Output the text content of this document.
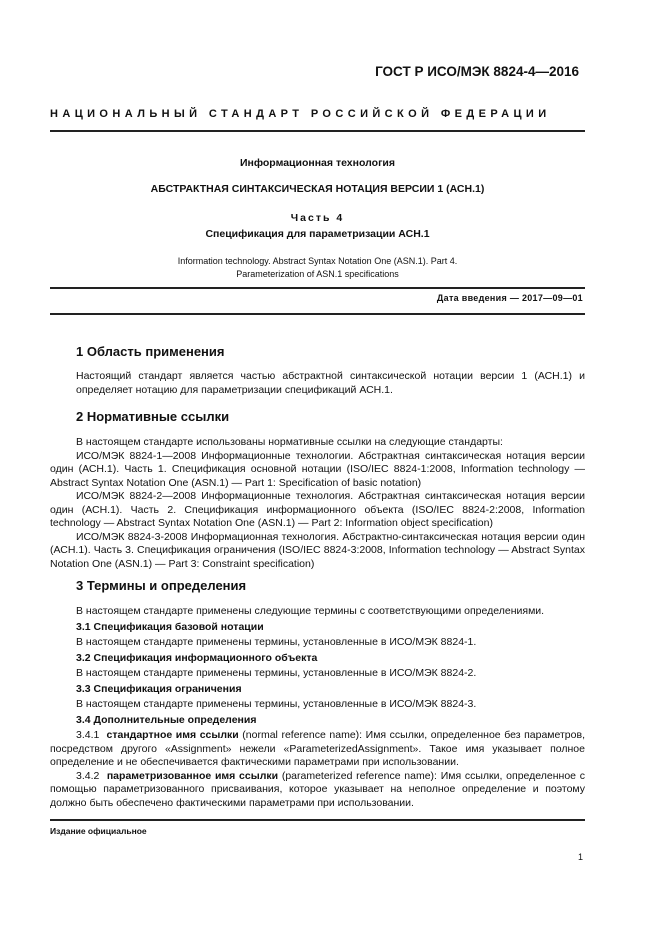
ГОСТ Р ИСО/МЭК 8824-4—2016
НАЦИОНАЛЬНЫЙ СТАНДАРТ РОССИЙСКОЙ ФЕДЕРАЦИИ
Информационная технология
АБСТРАКТНАЯ СИНТАКСИЧЕСКАЯ НОТАЦИЯ ВЕРСИИ 1 (АСН.1)
Часть 4
Спецификация для параметризации АСН.1
Information technology. Abstract Syntax Notation One (ASN.1). Part 4.
Parameterization of ASN.1 specifications
Дата введения — 2017—09—01
1 Область применения

Настоящий стандарт является частью абстрактной синтаксической нотации версии 1 (АСН.1) и определяет нотацию для параметризации спецификаций АСН.1.

2 Нормативные ссылки

В настоящем стандарте использованы нормативные ссылки на следующие стандарты:

ИСО/МЭК 8824-1—2008 Информационные технологии. Абстрактная синтаксическая нотация версии один (АСН.1). Часть 1. Спецификация основной нотации (ISO/IEC 8824-1:2008, Information technology — Abstract Syntax Notation One (ASN.1) — Part 1: Specification of basic notation)

ИСО/МЭК 8824-2—2008 Информационные технология. Абстрактная синтаксическая нотация версии один (АСН.1). Часть 2. Спецификация информационного объекта (ISO/IEC 8824-2:2008, Information technology — Abstract Syntax Notation One (ASN.1) — Part 2: Information object specification)

ИСО/МЭК 8824-3-2008 Информационная технология. Абстрактно-синтаксическая нотация версии один (АСН.1). Часть 3. Спецификация ограничения (ISO/IEC 8824-3:2008, Information technology — Abstract Syntax Notation One (ASN.1) — Part 3: Constraint specification)

3 Термины и определения

В настоящем стандарте применены следующие термины с соответствующими определениями.

3.1 Спецификация базовой нотации

В настоящем стандарте применены термины, установленные в ИСО/МЭК 8824-1.

3.2 Спецификация информационного объекта

В настоящем стандарте применены термины, установленные в ИСО/МЭК 8824-2.

3.3 Спецификация ограничения

В настоящем стандарте применены термины, установленные в ИСО/МЭК 8824-3.

3.4 Дополнительные определения

3.4.1 стандартное имя ссылки (normal reference name): Имя ссылки, определенное без параметров, посредством другого «Assignment» нежели «ParameterizedAssignment». Такое имя указывает полное определение и не обеспечивается фактическими параметрами при использовании.

3.4.2 параметризованное имя ссылки (parameterized reference name): Имя ссылки, определенное с помощью параметризованного присваивания, которое указывает на неполное определение и поэтому должно быть обеспечено фактическими параметрами при использовании.

Издание официальное
1
